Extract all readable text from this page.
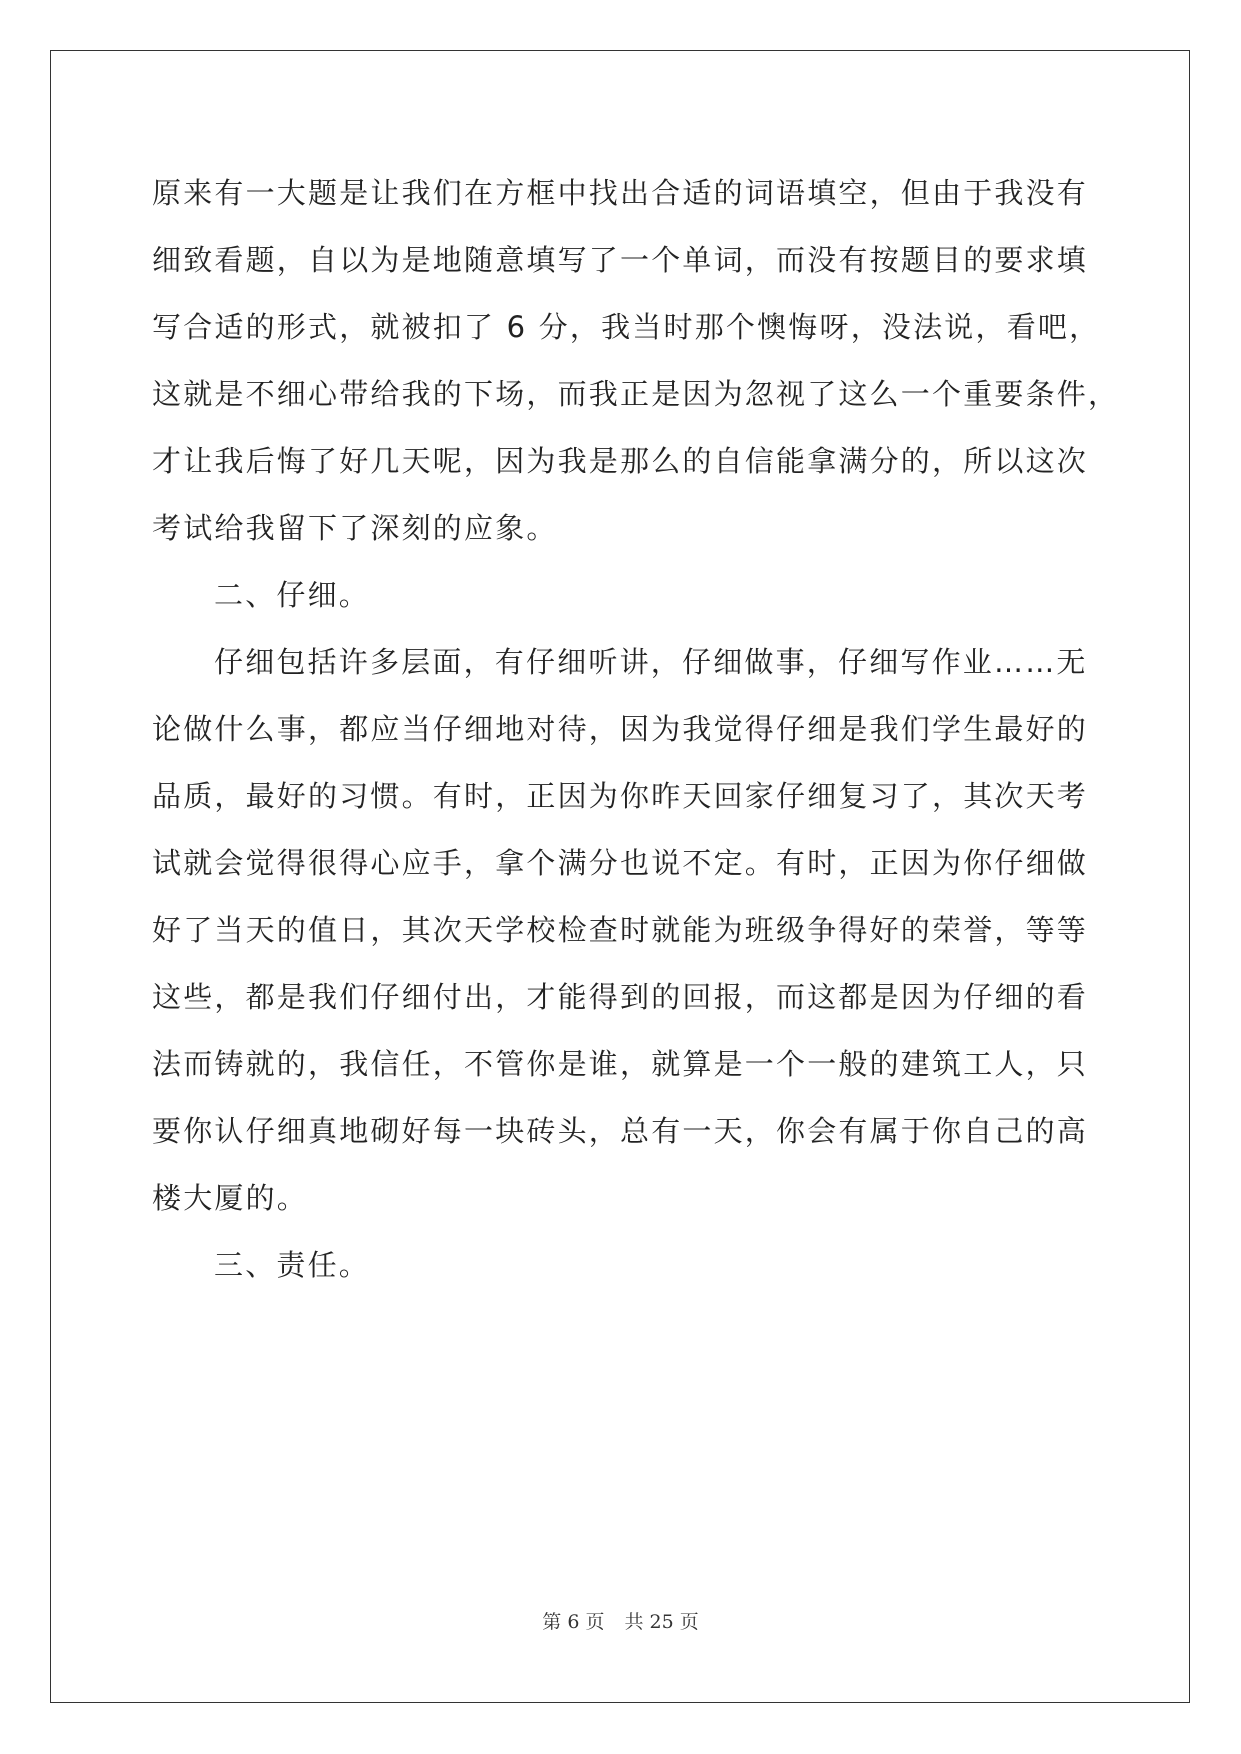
原来有一大题是让我们在方框中找出合适的词语填空，但由于我没有
细致看题，自以为是地随意填写了一个单词，而没有按题目的要求填
写合适的形式，就被扣了 6 分，我当时那个懊悔呀，没法说，看吧，
这就是不细心带给我的下场，而我正是因为忽视了这么一个重要条件，
才让我后悔了好几天呢，因为我是那么的自信能拿满分的，所以这次
考试给我留下了深刻的应象。
二、仔细。
仔细包括许多层面，有仔细听讲，仔细做事，仔细写作业……无
论做什么事，都应当仔细地对待，因为我觉得仔细是我们学生最好的
品质，最好的习惯。有时，正因为你昨天回家仔细复习了，其次天考
试就会觉得很得心应手，拿个满分也说不定。有时，正因为你仔细做
好了当天的值日，其次天学校检查时就能为班级争得好的荣誉，等等
这些，都是我们仔细付出，才能得到的回报，而这都是因为仔细的看
法而铸就的，我信任，不管你是谁，就算是一个一般的建筑工人，只
要你认仔细真地砌好每一块砖头，总有一天，你会有属于你自己的高
楼大厦的。
三、责任。
第 6 页 共 25 页
